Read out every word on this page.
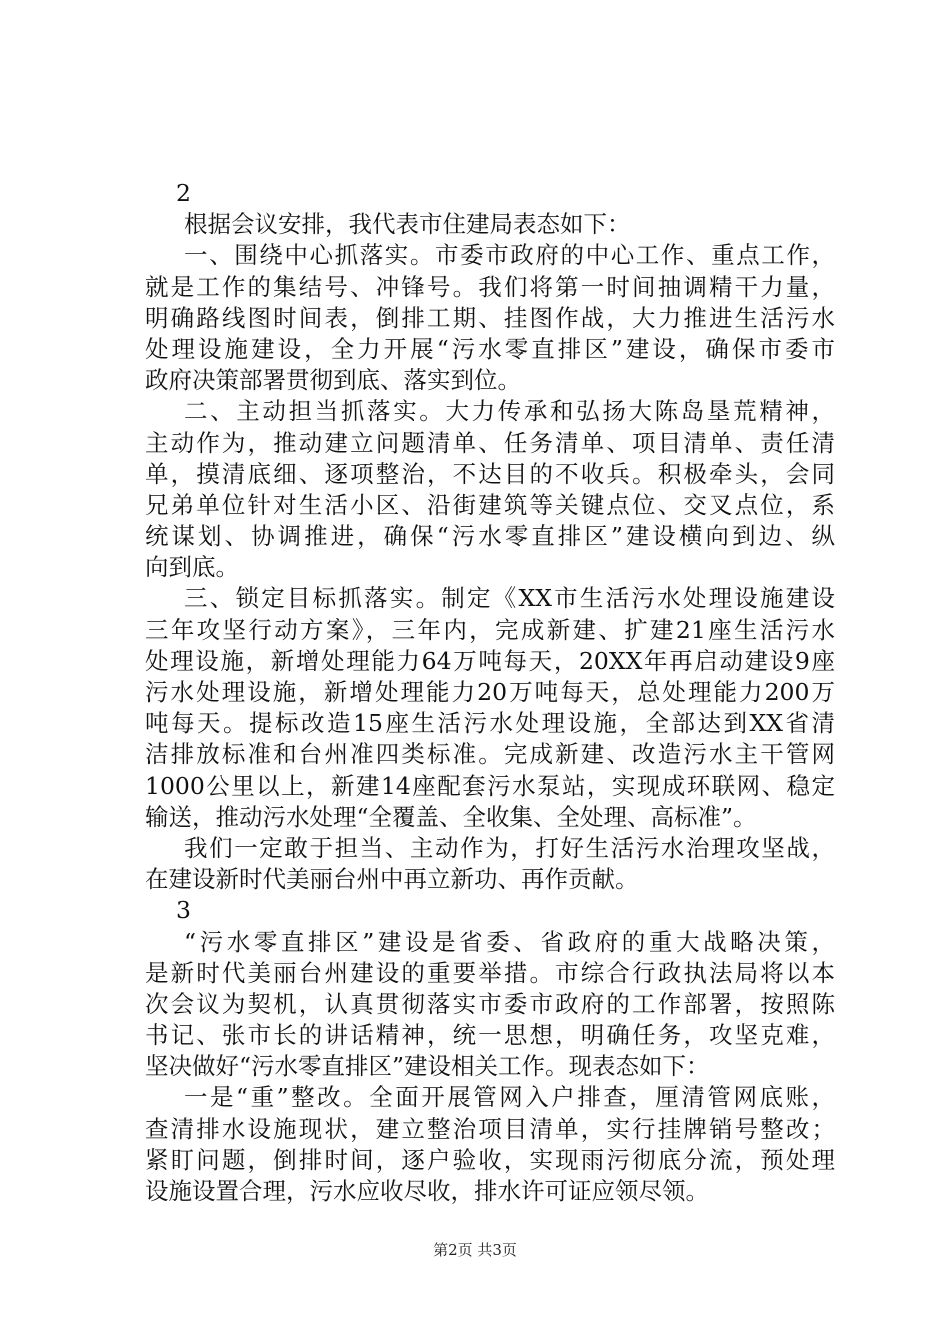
2
根据会议安排，我代表市住建局表态如下：
一、围绕中心抓落实。市委市政府的中心工作、重点工作，
就是工作的集结号、冲锋号。我们将第一时间抽调精干力量，
明确路线图时间表，倒排工期、挂图作战，大力推进生活污水
处理设施建设，全力开展“污水零直排区”建设，确保市委市
政府决策部署贯彻到底、落实到位。
二、主动担当抓落实。大力传承和弘扬大陈岛垦荒精神，
主动作为，推动建立问题清单、任务清单、项目清单、责任清
单，摸清底细、逐项整治，不达目的不收兵。积极牵头，会同
兄弟单位针对生活小区、沿街建筑等关键点位、交叉点位，系
统谋划、协调推进，确保“污水零直排区”建设横向到边、纵
向到底。
三、锁定目标抓落实。制定《XX市生活污水处理设施建设
三年攻坚行动方案》，三年内，完成新建、扩建21座生活污水
处理设施，新增处理能力64万吨每天，20XX年再启动建设9座
污水处理设施，新增处理能力20万吨每天，总处理能力200万
吨每天。提标改造15座生活污水处理设施，全部达到XX省清
洁排放标准和台州准四类标准。完成新建、改造污水主干管网
1000公里以上，新建14座配套污水泵站，实现成环联网、稳定
输送，推动污水处理“全覆盖、全收集、全处理、高标准”。
我们一定敢于担当、主动作为，打好生活污水治理攻坚战，
在建设新时代美丽台州中再立新功、再作贡献。
3
“污水零直排区”建设是省委、省政府的重大战略决策，
是新时代美丽台州建设的重要举措。市综合行政执法局将以本
次会议为契机，认真贯彻落实市委市政府的工作部署，按照陈
书记、张市长的讲话精神，统一思想，明确任务，攻坚克难，
坚决做好“污水零直排区”建设相关工作。现表态如下：
一是“重”整改。全面开展管网入户排查，厘清管网底账，
查清排水设施现状，建立整治项目清单，实行挂牌销号整改；
紧盯问题，倒排时间，逐户验收，实现雨污彻底分流，预处理
设施设置合理，污水应收尽收，排水许可证应领尽领。
第2页 共3页
